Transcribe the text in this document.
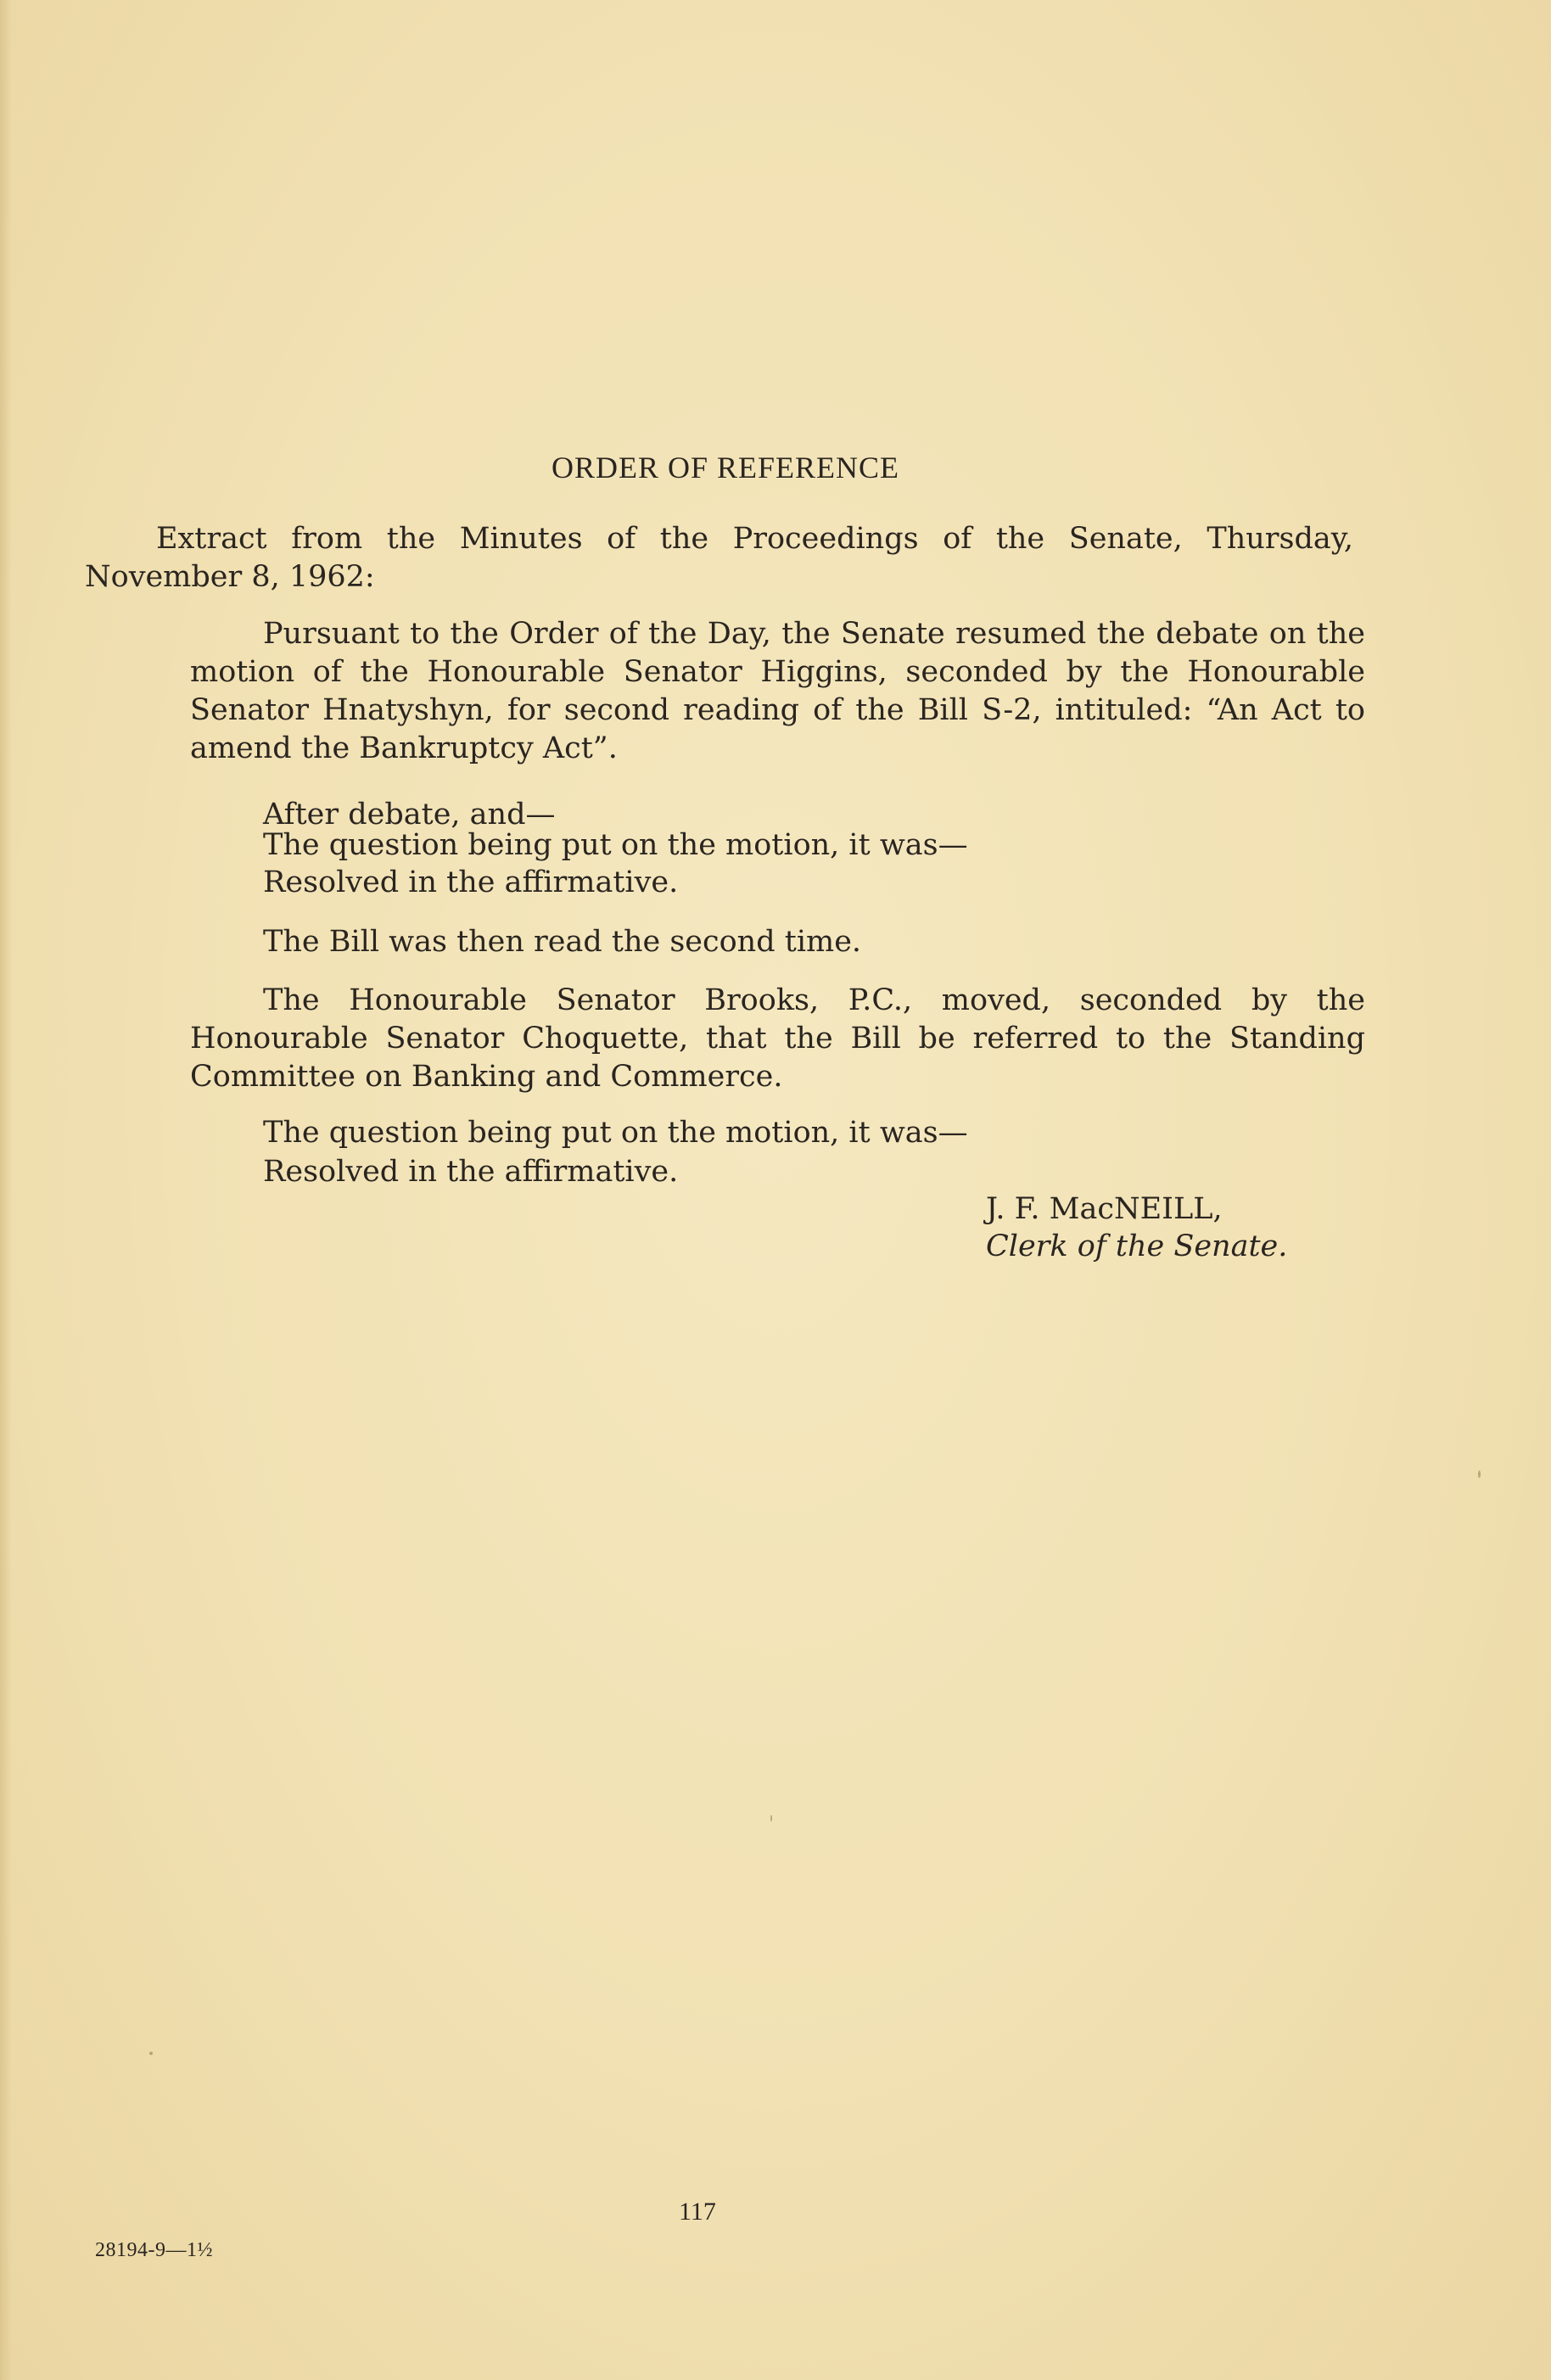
ORDER OF REFERENCE

Extract from the Minutes of the Proceedings of the Senate, Thursday, November 8, 1962:

Pursuant to the Order of the Day, the Senate resumed the debate on the motion of the Honourable Senator Higgins, seconded by the Honourable Senator Hnatyshyn, for second reading of the Bill S-2, intituled: “An Act to amend the Bankruptcy Act”.

After debate, and—

The question being put on the motion, it was—

Resolved in the affirmative.

The Bill was then read the second time.

The Honourable Senator Brooks, P.C., moved, seconded by the Honourable Senator Choquette, that the Bill be referred to the Standing Committee on Banking and Commerce.

The question being put on the motion, it was—

Resolved in the affirmative.

J. F. MacNEILL,
Clerk of the Senate.
117
28194-9—1½
